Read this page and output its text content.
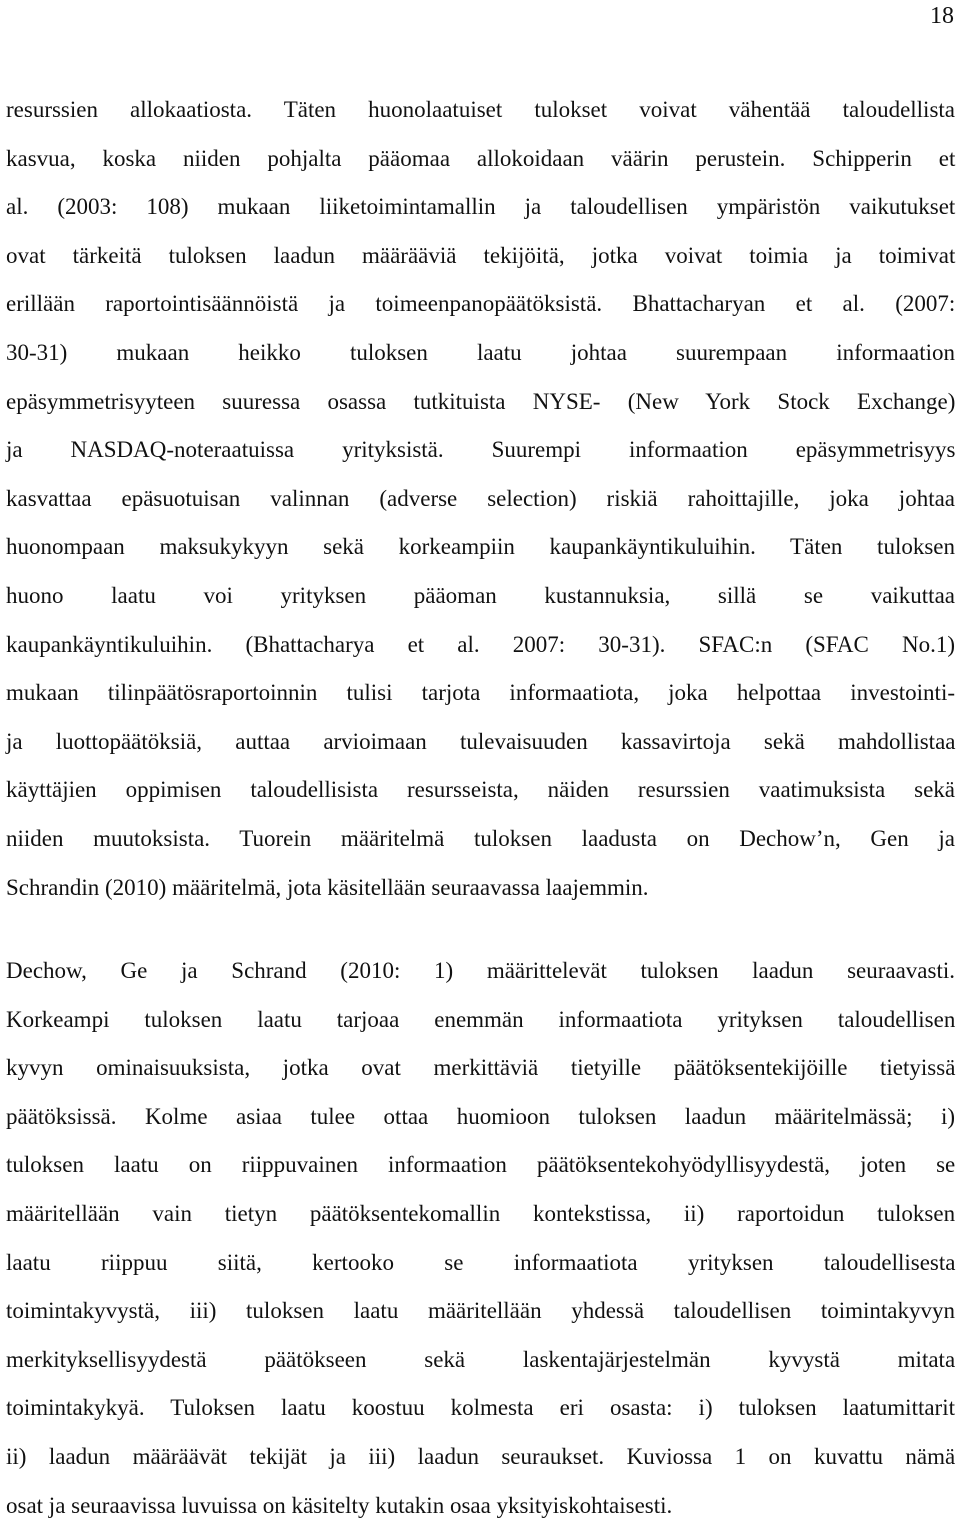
18
resurssien allokaatiosta. Täten huonolaatuiset tulokset voivat vähentää taloudellista
kasvua, koska niiden pohjalta pääomaa allokoidaan väärin perustein. Schipperin et
al. (2003: 108) mukaan liiketoimintamallin ja taloudellisen ympäristön vaikutukset
ovat tärkeitä tuloksen laadun määrääviä tekijöitä, jotka voivat toimia ja toimivat
erillään raportointisäännöistä ja toimeenpanopäätöksistä. Bhattacharyan et al. (2007:
30-31) mukaan heikko tuloksen laatu johtaa suurempaan informaation
epäsymmetrisyyteen suuressa osassa tutkituista NYSE- (New York Stock Exchange)
ja NASDAQ-noteraatuissa yrityksistä. Suurempi informaation epäsymmetrisyys
kasvattaa epäsuotuisan valinnan (adverse selection) riskiä rahoittajille, joka johtaa
huonompaan maksukykyyn sekä korkeampiin kaupankäyntikuluihin. Täten tuloksen
huono laatu voi yrityksen pääoman kustannuksia, sillä se vaikuttaa
kaupankäyntikuluihin. (Bhattacharya et al. 2007: 30-31). SFAC:n (SFAC No.1)
mukaan tilinpäätösraportoinnin tulisi tarjota informaatiota, joka helpottaa investointi-
ja luottopäätöksiä, auttaa arvioimaan tulevaisuuden kassavirtoja sekä mahdollistaa
käyttäjien oppimisen taloudellisista resursseista, näiden resurssien vaatimuksista sekä
niiden muutoksista. Tuorein määritelmä tuloksen laadusta on Dechow’n, Gen ja
Schrandin (2010) määritelmä, jota käsitellään seuraavassa laajemmin.
Dechow, Ge ja Schrand (2010: 1) määrittelevät tuloksen laadun seuraavasti.
Korkeampi tuloksen laatu tarjoaa enemmän informaatiota yrityksen taloudellisen
kyvyn ominaisuuksista, jotka ovat merkittäviä tietyille päätöksentekijöille tietyissä
päätöksissä. Kolme asiaa tulee ottaa huomioon tuloksen laadun määritelmässä; i)
tuloksen laatu on riippuvainen informaation päätöksentekohyödyllisyydestä, joten se
määritellään vain tietyn päätöksentekomallin kontekstissa, ii) raportoidun tuloksen
laatu riippuu siitä, kertooko se informaatiota yrityksen taloudellisesta
toimintakyvystä, iii) tuloksen laatu määritellään yhdessä taloudellisen toimintakyvyn
merkityksellisyydestä päätökseen sekä laskentajärjestelmän kyvystä mitata
toimintakykyä. Tuloksen laatu koostuu kolmesta eri osasta: i) tuloksen laatumittarit
ii) laadun määräävät tekijät ja iii) laadun seuraukset. Kuviossa 1 on kuvattu nämä
osat ja seuraavissa luvuissa on käsitelty kutakin osaa yksityiskohtaisesti.
